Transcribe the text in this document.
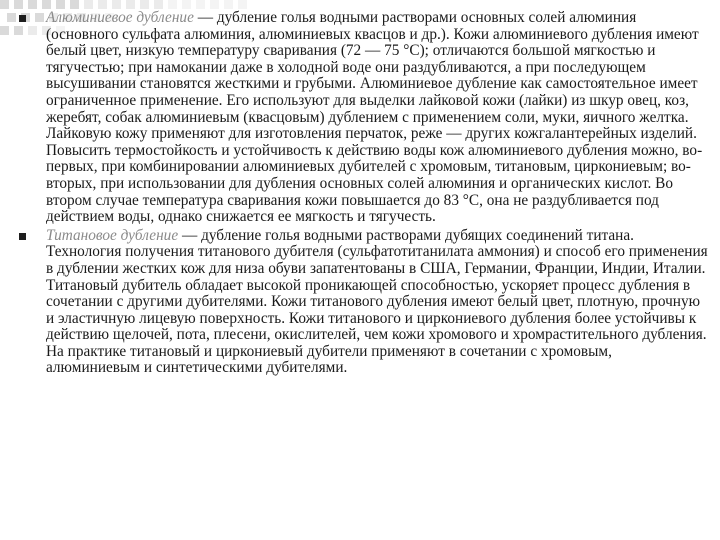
Алюминиевое дубление — дубление голья водными растворами основных солей алюминия (основного сульфата алюминия, алюминиевых квасцов и др.). Кожи алюминиевого дубления имеют белый цвет, низкую температуру сваривания (72 — 75 °С); отличаются большой мягкостью и тягучестью; при намокании даже в холодной воде они раздубливаются, а при последующем высушивании становятся жесткими и грубыми. Алюминиевое дубление как самостоятельное имеет ограниченное применение. Его используют для выделки лайковой кожи (лайки) из шкур овец, коз, жеребят, собак алюминиевым (квасцовым) дублением с применением соли, муки, яичного желтка. Лайковую кожу применяют для изготовления перчаток, реже — других кожгалантерейных изделий. Повысить термостойкость и устойчивость к действию воды кож алюминиевого дубления можно, во-первых, при комбинировании алюминиевых дубителей с хромовым, титановым, циркониевым; во-вторых, при использовании для дубления основных солей алюминия и органических кислот. Во втором случае температура сваривания кожи повышается до 83 °С, она не раздубливается под действием воды, однако снижается ее мягкость и тягучесть.
Титановое дубление — дубление голья водными растворами дубящих соединений титана. Технология получения титанового дубителя (сульфатотитанилата аммония) и способ его применения в дублении жестких кож для низа обуви запатентованы в США, Германии, Франции, Индии, Италии. Титановый дубитель обладает высокой проникающей способностью, ускоряет процесс дубления в сочетании с другими дубителями. Кожи титанового дубления имеют белый цвет, плотную, прочную и эластичную лицевую поверхность. Кожи титанового и циркониевого дубления более устойчивы к действию щелочей, пота, плесени, окислителей, чем кожи хромового и хромрастительного дубления. На практике титановый и циркониевый дубители применяют в сочетании с хромовым, алюминиевым и синтетическими дубителями.
